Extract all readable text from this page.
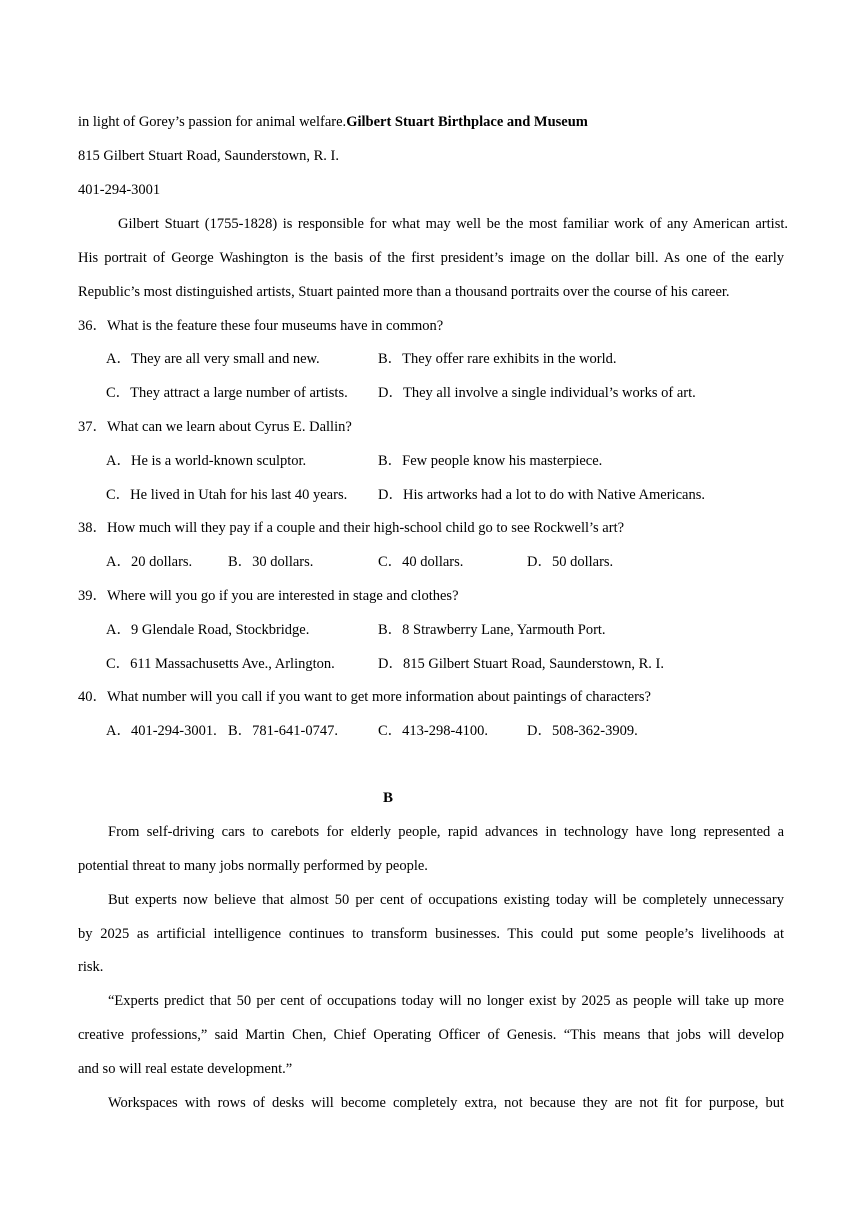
in light of Gorey’s passion for animal welfare.Gilbert Stuart Birthplace and Museum
815 Gilbert Stuart Road, Saunderstown, R. I.
401-294-3001
Gilbert Stuart (1755-1828) is responsible for what may well be the most familiar work of any American artist.
His portrait of George Washington is the basis of the first president’s image on the dollar bill. As one of the early
Republic’s most distinguished artists, Stuart painted more than a thousand portraits over the course of his career.
36．What is the feature these four museums have in common?
A．They are all very small and new.	B．They offer rare exhibits in the world.
C．They attract a large number of artists. D．They all involve a single individual’s works of art.
37．What can we learn about Cyrus E. Dallin?
A．He is a world-known sculptor.	B．Few people know his masterpiece.
C．He lived in Utah for his last 40 years. D．His artworks had a lot to do with Native Americans.
38．How much will they pay if a couple and their high-school child go to see Rockwell’s art?
A．20 dollars. B．30 dollars.	C．40 dollars.	D．50 dollars.
39．Where will you go if you are interested in stage and clothes?
A．9 Glendale Road, Stockbridge.	B．8 Strawberry Lane, Yarmouth Port.
C．611 Massachusetts Ave., Arlington.	D．815 Gilbert Stuart Road, Saunderstown, R. I.
40．What number will you call if you want to get more information about paintings of characters?
A．401-294-3001. B．781-641-0747.	C．413-298-4100.	D．508-362-3909.
B
From self-driving cars to carebots for elderly people, rapid advances in technology have long represented a
potential threat to many jobs normally performed by people.
But experts now believe that almost 50 per cent of occupations existing today will be completely unnecessary
by 2025 as artificial intelligence continues to transform businesses. This could put some people’s livelihoods at
risk.
“Experts predict that 50 per cent of occupations today will no longer exist by 2025 as people will take up more
creative professions,” said Martin Chen, Chief Operating Officer of Genesis. “This means that jobs will develop
and so will real estate development.”
Workspaces with rows of desks will become completely extra, not because they are not fit for purpose, but
